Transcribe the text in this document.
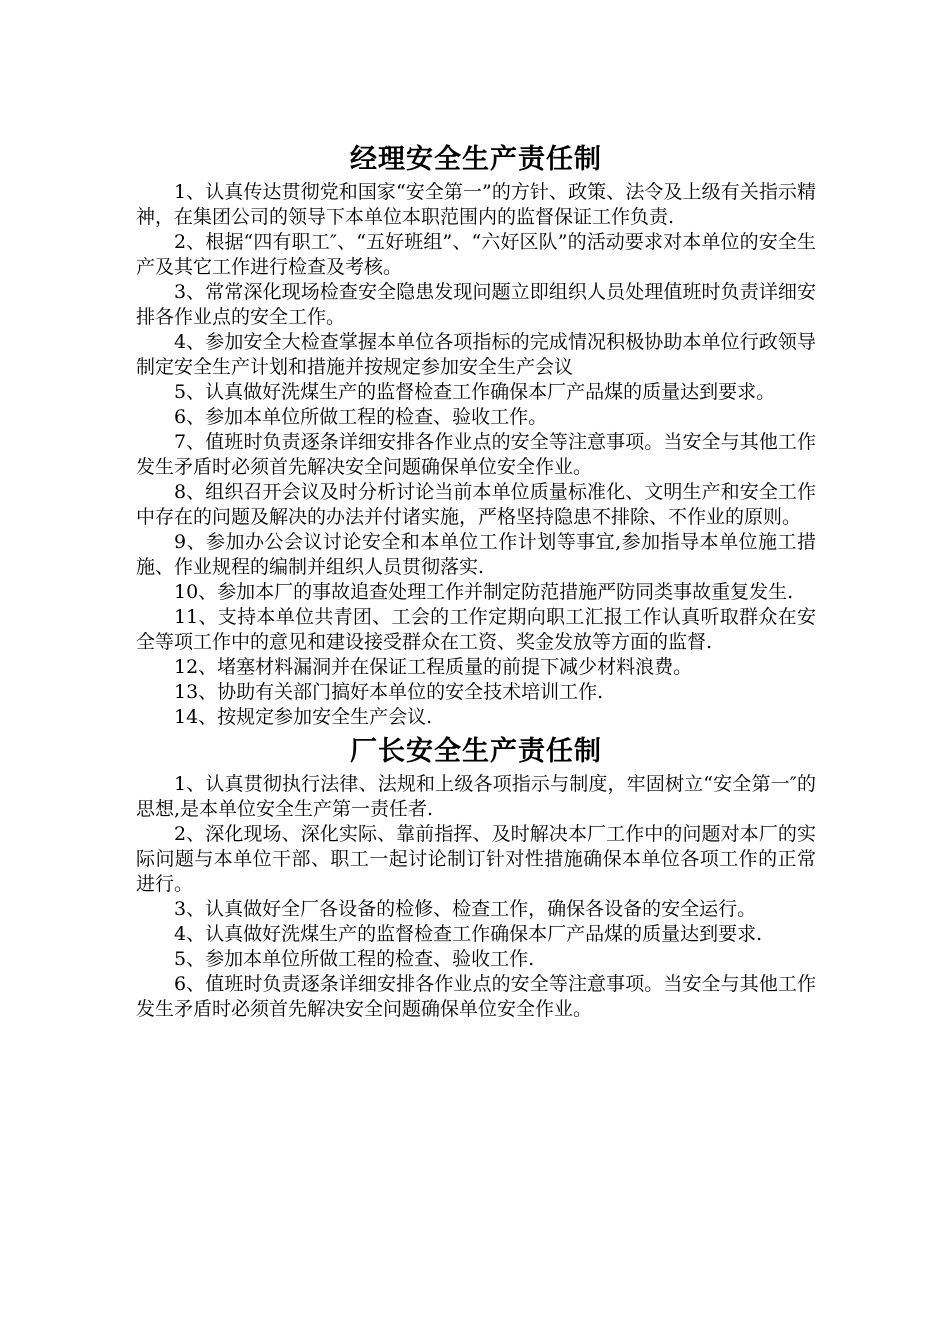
经理安全生产责任制

1、认真传达贯彻党和国家“安全第一”的方针、政策、法令及上级有关指示精神，在集团公司的领导下本单位本职范围内的监督保证工作负责.

2、根据“四有职工″、“五好班组”、“六好区队”的活动要求对本单位的安全生产及其它工作进行检查及考核。

3、常常深化现场检查安全隐患发现问题立即组织人员处理值班时负责详细安排各作业点的安全工作。

4、参加安全大检查掌握本单位各项指标的完成情况积极协助本单位行政领导制定安全生产计划和措施并按规定参加安全生产会议

5、认真做好洗煤生产的监督检查工作确保本厂产品煤的质量达到要求。

6、参加本单位所做工程的检查、验收工作。

7、值班时负责逐条详细安排各作业点的安全等注意事项。当安全与其他工作发生矛盾时必须首先解决安全问题确保单位安全作业。

8、组织召开会议及时分析讨论当前本单位质量标准化、文明生产和安全工作中存在的问题及解决的办法并付诸实施，严格坚持隐患不排除、不作业的原则。

9、参加办公会议讨论安全和本单位工作计划等事宜,参加指导本单位施工措施、作业规程的编制并组织人员贯彻落实.

10、参加本厂的事故追查处理工作并制定防范措施严防同类事故重复发生.

11、支持本单位共青团、工会的工作定期向职工汇报工作认真听取群众在安全等项工作中的意见和建设接受群众在工资、奖金发放等方面的监督.

12、堵塞材料漏洞并在保证工程质量的前提下减少材料浪费。

13、协助有关部门搞好本单位的安全技术培训工作.

14、按规定参加安全生产会议.

厂长安全生产责任制

1、认真贯彻执行法律、法规和上级各项指示与制度，牢固树立“安全第一″的思想,是本单位安全生产第一责任者.

2、深化现场、深化实际、靠前指挥、及时解决本厂工作中的问题对本厂的实际问题与本单位干部、职工一起讨论制订针对性措施确保本单位各项工作的正常进行。

3、认真做好全厂各设备的检修、检查工作，确保各设备的安全运行。

4、认真做好洗煤生产的监督检查工作确保本厂产品煤的质量达到要求.

5、参加本单位所做工程的检查、验收工作.

6、值班时负责逐条详细安排各作业点的安全等注意事项。当安全与其他工作发生矛盾时必须首先解决安全问题确保单位安全作业。
